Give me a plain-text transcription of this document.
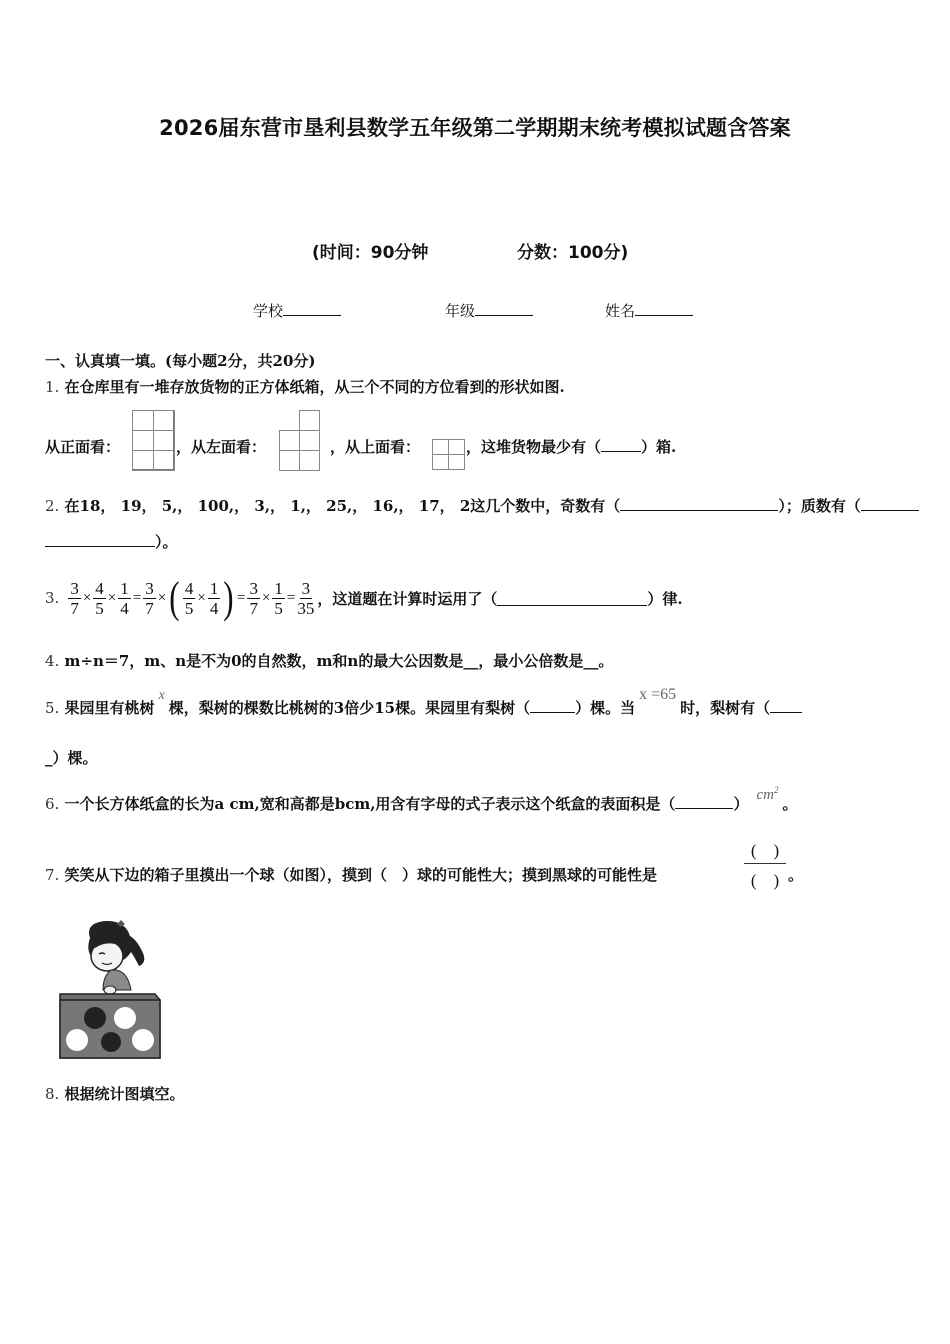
2026届东营市垦利县数学五年级第二学期期末统考模拟试题含答案
(时间：90分钟	分数：100分)
学校	年级	姓名
一、认真填一填。(每小题2分，共20分)
1. 在仓库里有一堆存放货物的正方体纸箱，从三个不同的方位看到的形状如图.
从正面看：	，从左面看：	，从上面看：	，这堆货物最少有（	）箱.
2. 在18， 19， 5,， 100,， 3,， 1,， 25,， 16,， 17， 2这几个数中，奇数有（	）；质数有（
）。
3. $\frac{3}{7} \times \frac{4}{5} \times \frac{1}{4} = \frac{3}{7}$ × ( $\frac{4}{5} \times \frac{1}{4}$ ) = $\frac{3}{7} \times \frac{1}{5} = \frac{3}{35}$ ，这道题在计算时运用了（	）律.
4. m÷n＝7，m、n是不为0的自然数，m和n的最大公因数是__，最小公倍数是__。
5. 果园里有桃树x棵，梨树的棵数比桃树的3倍少15棵。果园里有梨树（	）棵。当x =65时，梨树有（
_）棵。
6. 一个长方体纸盒的长为a cm,宽和高都是bcm,用含有字母的式子表示这个纸盒的表面积是（	） $cm^2$。
7. 笑笑从下边的箱子里摸出一个球（如图），摸到（　）球的可能性大；摸到黑球的可能性是
(　)
(　) 。
8. 根据统计图填空。
